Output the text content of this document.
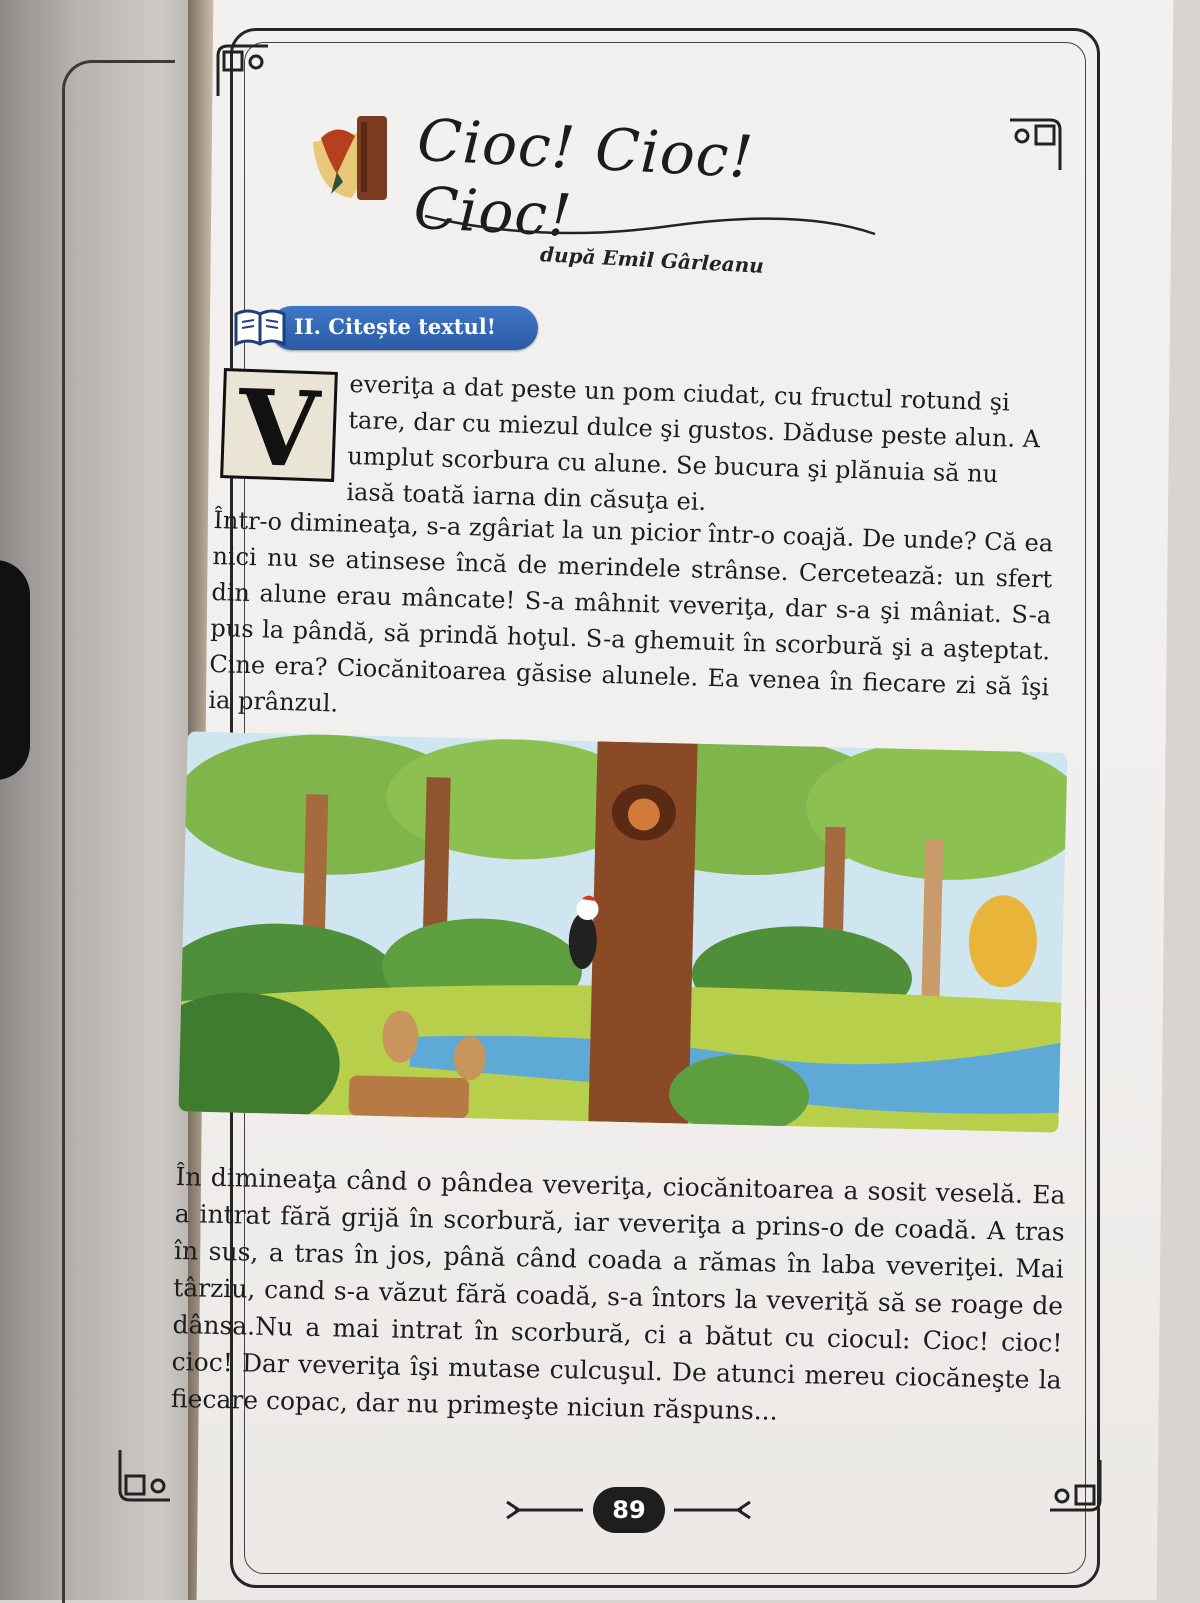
Cioc! Cioc! Cioc!
după Emil Gârleanu
II. Citește textul!
V	everiţa a dat peste un pom ciudat, cu fructul rotund şi tare, dar cu miezul dulce şi gustos. Dăduse peste alun. A umplut scorbura cu alune. Se bucura şi plănuia să nu iasă toată iarna din căsuţa ei.

Într-o dimineaţa, s-a zgâriat la un picior într-o coajă. De unde? Că ea nici nu se atinsese încă de merindele strânse. Cercetează: un sfert din alune erau mâncate! S-a mâhnit veveriţa, dar s-a şi mâniat. S-a pus la pândă, să prindă hoţul. S-a ghemuit în scorbură şi a aşteptat. Cine era? Ciocănitoarea găsise alunele. Ea venea în fiecare zi să îşi ia prânzul.

În dimineaţa când o pândea veveriţa, ciocănitoarea a sosit veselă. Ea a intrat fără grijă în scorbură, iar veveriţa a prins-o de coadă. A tras în sus, a tras în jos, până când coada a rămas în laba veveriţei. Mai târziu, cand s-a văzut fără coadă, s-a întors la veveriţă să se roage de dânsa.Nu a mai intrat în scorbură, ci a bătut cu ciocul: Cioc! cioc! cioc! Dar veveriţa îşi mutase culcuşul. De atunci mereu ciocăneşte la fiecare copac, dar nu primeşte niciun răspuns...

89
